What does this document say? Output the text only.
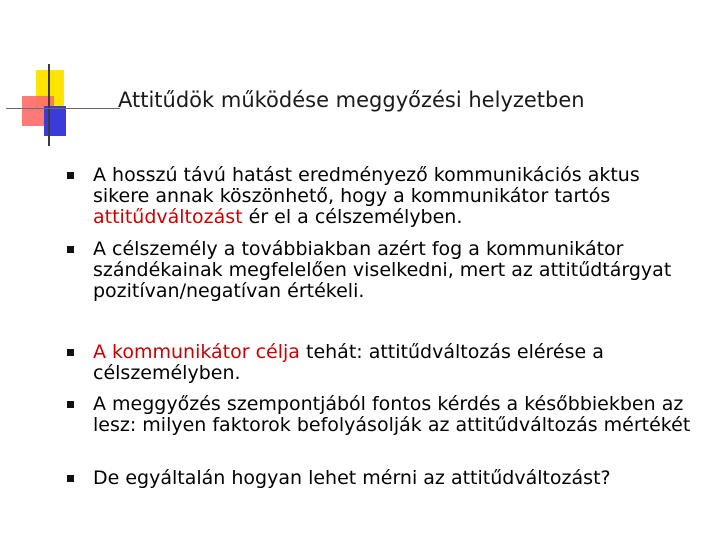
Attitűdök működése meggyőzési helyzetben
A hosszú távú hatást eredményező kommunikációs aktus sikere annak köszönhető, hogy a kommunikátor tartós attitűdváltozást ér el a célszemélyben.
A célszemély a továbbiakban azért fog a kommunikátor szándékainak megfelelően viselkedni, mert az attitűdtárgyat pozitívan/negatívan értékeli.
A kommunikátor célja tehát: attitűdváltozás elérése a célszemélyben.
A meggyőzés szempontjából fontos kérdés a későbbiekben az lesz: milyen faktorok befolyásolják az attitűdváltozás mértékét
De egyáltalán hogyan lehet mérni az attitűdváltozást?
